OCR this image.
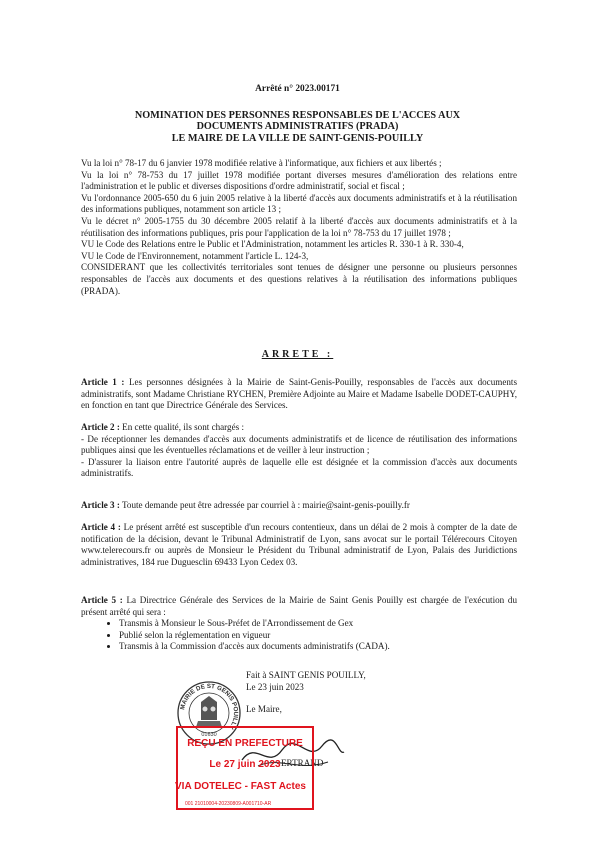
Arrêté n° 2023.00171
NOMINATION DES PERSONNES RESPONSABLES DE L'ACCES AUX
DOCUMENTS ADMINISTRATIFS (PRADA)
LE MAIRE DE LA VILLE DE SAINT-GENIS-POUILLY

Vu la loi n° 78-17 du 6 janvier 1978 modifiée relative à l'informatique, aux fichiers et aux libertés ;

Vu la loi n° 78-753 du 17 juillet 1978 modifiée portant diverses mesures d'amélioration des relations entre l'administration et le public et diverses dispositions d'ordre administratif, social et fiscal ;

Vu l'ordonnance 2005-650 du 6 juin 2005 relative à la liberté d'accès aux documents administratifs et à la réutilisation des informations publiques, notamment son article 13 ;

Vu le décret n° 2005-1755 du 30 décembre 2005 relatif à la liberté d'accès aux documents administratifs et à la réutilisation des informations publiques, pris pour l'application de la loi n° 78-753 du 17 juillet 1978 ;

VU le Code des Relations entre le Public et l'Administration, notamment les articles R. 330-1 à R. 330-4,

VU le Code de l'Environnement, notamment l'article L. 124-3,

CONSIDERANT que les collectivités territoriales sont tenues de désigner une personne ou plusieurs personnes responsables de l'accès aux documents et des questions relatives à la réutilisation des informations publiques (PRADA).

ARRETE :

Article 1 : Les personnes désignées à la Mairie de Saint-Genis-Pouilly, responsables de l'accès aux documents administratifs, sont Madame Christiane RYCHEN, Première Adjointe au Maire et Madame Isabelle DODET-CAUPHY, en fonction en tant que Directrice Générale des Services.

Article 2 : En cette qualité, ils sont chargés :

- De réceptionner les demandes d'accès aux documents administratifs et de licence de réutilisation des informations publiques ainsi que les éventuelles réclamations et de veiller à leur instruction ;

- D'assurer la liaison entre l'autorité auprès de laquelle elle est désignée et la commission d'accès aux documents administratifs.

Article 3 : Toute demande peut être adressée par courriel à : mairie@saint-genis-pouilly.fr

Article 4 : Le présent arrêté est susceptible d'un recours contentieux, dans un délai de 2 mois à compter de la date de notification de la décision, devant le Tribunal Administratif de Lyon, sans avocat sur le portail Télérecours Citoyen www.telerecours.fr ou auprès de Monsieur le Président du Tribunal administratif de Lyon, Palais des Juridictions administratives, 184 rue Duguesclin 69433 Lyon Cedex 03.

Article 5 : La Directrice Générale des Services de la Mairie de Saint Genis Pouilly est chargée de l'exécution du présent arrêté qui sera :

• Transmis à Monsieur le Sous-Préfet de l'Arrondissement de Gex
• Publié selon la réglementation en vigueur
• Transmis à la Commission d'accès aux documents administratifs (CADA).

Fait à SAINT GENIS POUILLY,

Le 23 juin 2023

Le Maire,

ERTRAND
MAIRIE DE ST GENIS POUILLY
01630
REÇU EN PREFECTURE
Le 27 juin 2023
VIA DOTELEC - FAST Actes
001 21010004-20230809-A001710-AR
